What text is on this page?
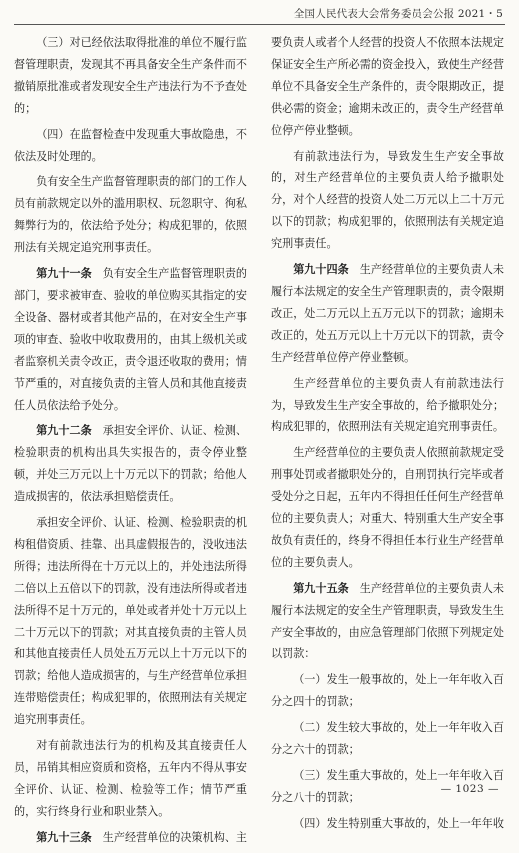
全国人民代表大会常务委员会公报 2021・5

（三）对已经依法取得批准的单位不履行监督管理职责，发现其不再具备安全生产条件而不撤销原批准或者发现安全生产违法行为不予查处的；

（四）在监督检查中发现重大事故隐患，不依法及时处理的。

负有安全生产监督管理职责的部门的工作人员有前款规定以外的滥用职权、玩忽职守、徇私舞弊行为的，依法给予处分；构成犯罪的，依照刑法有关规定追究刑事责任。

第九十一条　 负有安全生产监督管理职责的部门，要求被审查、验收的单位购买其指定的安全设备、器材或者其他产品的，在对安全生产事项的审查、验收中收取费用的，由其上级机关或者监察机关责令改正，责令退还收取的费用；情节严重的，对直接负责的主管人员和其他直接责任人员依法给予处分。

第九十二条　 承担安全评价、认证、检测、检验职责的机构出具失实报告的，责令停业整顿，并处三万元以上十万元以下的罚款；给他人造成损害的，依法承担赔偿责任。

承担安全评价、认证、检测、检验职责的机构租借资质、挂靠、出具虚假报告的，没收违法所得；违法所得在十万元以上的，并处违法所得二倍以上五倍以下的罚款，没有违法所得或者违法所得不足十万元的，单处或者并处十万元以上二十万元以下的罚款；对其直接负责的主管人员和其他直接责任人员处五万元以上十万元以下的罚款；给他人造成损害的，与生产经营单位承担连带赔偿责任；构成犯罪的，依照刑法有关规定追究刑事责任。

对有前款违法行为的机构及其直接责任人员，吊销其相应资质和资格，五年内不得从事安全评价、认证、检测、检验等工作；情节严重的，实行终身行业和职业禁入。

第九十三条　 生产经营单位的决策机构、主

要负责人或者个人经营的投资人不依照本法规定保证安全生产所必需的资金投入，致使生产经营单位不具备安全生产条件的，责令限期改正，提供必需的资金；逾期未改正的，责令生产经营单位停产停业整顿。

有前款违法行为，导致发生生产安全事故的，对生产经营单位的主要负责人给予撤职处分，对个人经营的投资人处二万元以上二十万元以下的罚款；构成犯罪的，依照刑法有关规定追究刑事责任。

第九十四条　 生产经营单位的主要负责人未履行本法规定的安全生产管理职责的，责令限期改正，处二万元以上五万元以下的罚款；逾期未改正的，处五万元以上十万元以下的罚款，责令生产经营单位停产停业整顿。

生产经营单位的主要负责人有前款违法行为，导致发生生产安全事故的，给予撤职处分；构成犯罪的，依照刑法有关规定追究刑事责任。

生产经营单位的主要负责人依照前款规定受刑事处罚或者撤职处分的，自刑罚执行完毕或者受处分之日起，五年内不得担任任何生产经营单位的主要负责人；对重大、特别重大生产安全事故负有责任的，终身不得担任本行业生产经营单位的主要负责人。

第九十五条　 生产经营单位的主要负责人未履行本法规定的安全生产管理职责，导致发生生产安全事故的，由应急管理部门依照下列规定处以罚款：

（一）发生一般事故的，处上一年年收入百分之四十的罚款；

（二）发生较大事故的，处上一年年收入百分之六十的罚款；

（三）发生重大事故的，处上一年年收入百分之八十的罚款；

（四）发生特别重大事故的，处上一年年收

— 1023 —
